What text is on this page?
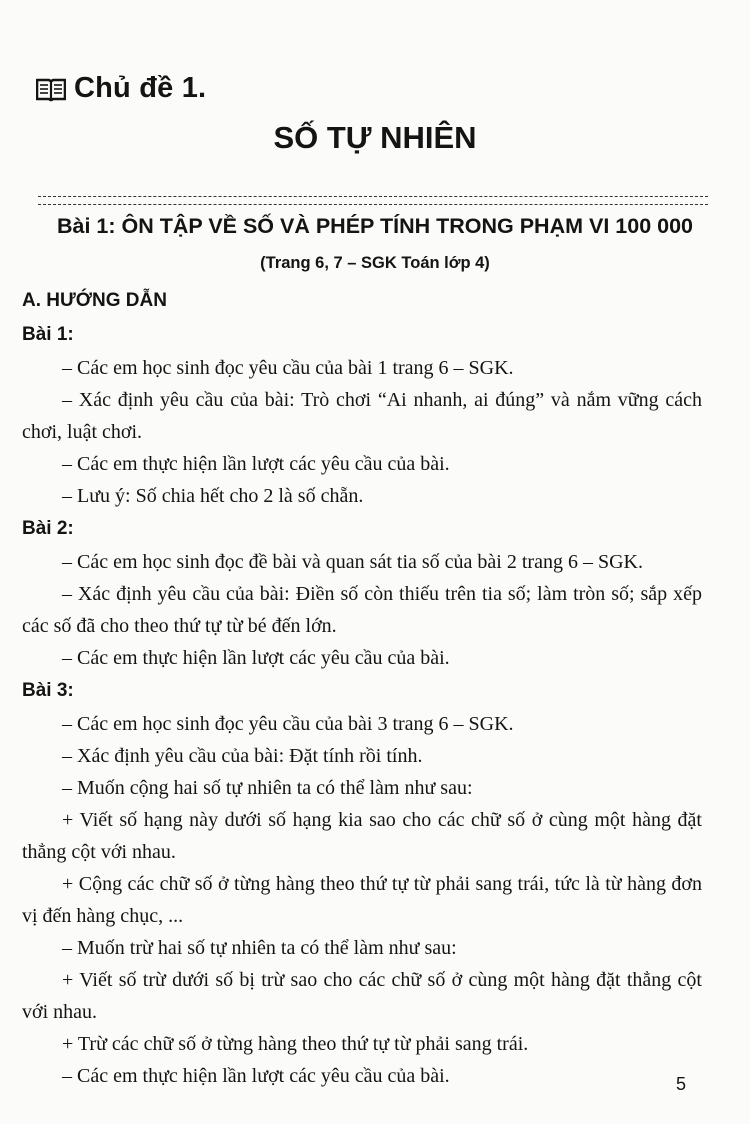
Chủ đề 1.
SỐ TỰ NHIÊN
Bài 1: ÔN TẬP VỀ SỐ VÀ PHÉP TÍNH TRONG PHẠM VI 100 000
(Trang 6, 7 – SGK Toán lớp 4)
A. HƯỚNG DẪN
Bài 1:
– Các em học sinh đọc yêu cầu của bài 1 trang 6 – SGK.
– Xác định yêu cầu của bài: Trò chơi “Ai nhanh, ai đúng” và nắm vững cách chơi, luật chơi.
– Các em thực hiện lần lượt các yêu cầu của bài.
– Lưu ý: Số chia hết cho 2 là số chẵn.
Bài 2:
– Các em học sinh đọc đề bài và quan sát tia số của bài 2 trang 6 – SGK.
– Xác định yêu cầu của bài: Điền số còn thiếu trên tia số; làm tròn số; sắp xếp các số đã cho theo thứ tự từ bé đến lớn.
– Các em thực hiện lần lượt các yêu cầu của bài.
Bài 3:
– Các em học sinh đọc yêu cầu của bài 3 trang 6 – SGK.
– Xác định yêu cầu của bài: Đặt tính rồi tính.
– Muốn cộng hai số tự nhiên ta có thể làm như sau:
+ Viết số hạng này dưới số hạng kia sao cho các chữ số ở cùng một hàng đặt thẳng cột với nhau.
+ Cộng các chữ số ở từng hàng theo thứ tự từ phải sang trái, tức là từ hàng đơn vị đến hàng chục, ...
– Muốn trừ hai số tự nhiên ta có thể làm như sau:
+ Viết số trừ dưới số bị trừ sao cho các chữ số ở cùng một hàng đặt thẳng cột với nhau.
+ Trừ các chữ số ở từng hàng theo thứ tự từ phải sang trái.
– Các em thực hiện lần lượt các yêu cầu của bài.	5
